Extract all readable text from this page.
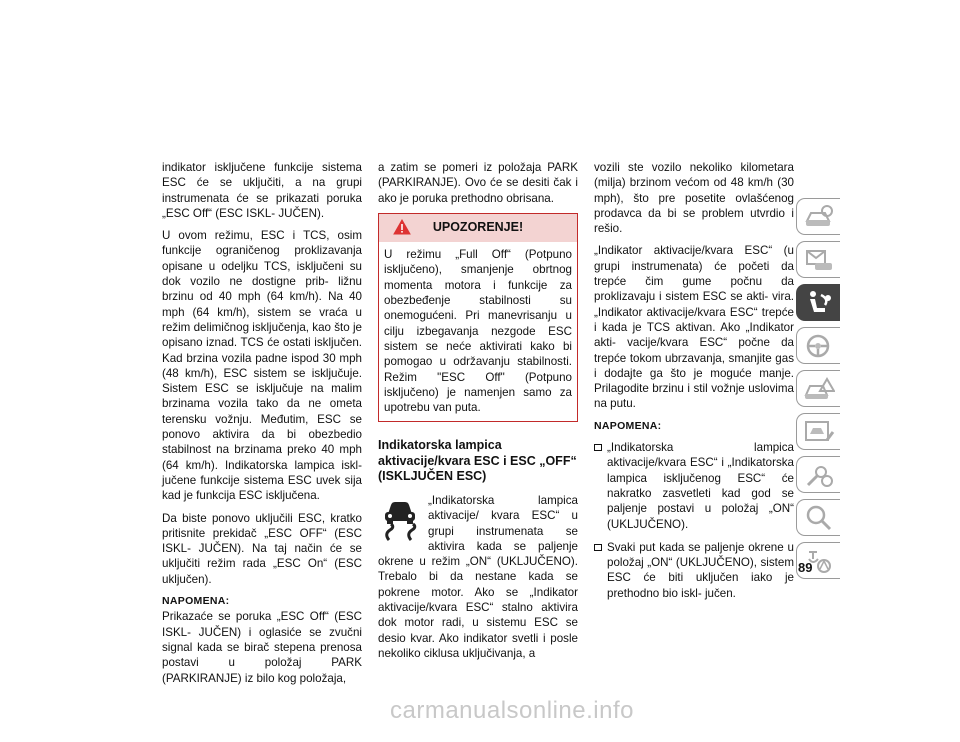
indikator isključene funkcije sistema ESC će se uključiti, a na grupi instrumenata će se prikazati poruka „ESC Off“ (ESC ISKL- JUČEN).

U ovom režimu, ESC i TCS, osim funkcije ograničenog proklizavanja opisane u odeljku TCS, isključeni su dok vozilo ne dostigne prib- ližnu brzinu od 40 mph (64 km/h). Na 40 mph (64 km/h), sistem se vraća u režim delimičnog isključenja, kao što je opisano iznad. TCS će ostati isključen. Kad brzina vozila padne ispod 30 mph (48 km/h), ESC sistem se isključuje. Sistem ESC se isključuje na malim brzinama vozila tako da ne ometa terensku vožnju. Međutim, ESC se ponovo aktivira da bi obezbedio stabilnost na brzinama preko 40 mph (64 km/h). Indikatorska lampica iskl- jučene funkcije sistema ESC uvek sija kad je funkcija ESC isključena.

Da biste ponovo uključili ESC, kratko pritisnite prekidač „ESC OFF“ (ESC ISKL- JUČEN). Na taj način će se uključiti režim rada „ESC On“ (ESC uključen).

NAPOMENA:

Prikazaće se poruka „ESC Off“ (ESC ISKL- JUČEN) i oglasiće se zvučni signal kada se birač stepena prenosa postavi u položaj PARK (PARKIRANJE) iz bilo kog položaja,

a zatim se pomeri iz položaja PARK (PARKIRANJE). Ovo će se desiti čak i ako je poruka prethodno obrisana.

UPOZORENJE!
U režimu „Full Off“ (Potpuno isključeno), smanjenje obrtnog momenta motora i funkcije za obezbeđenje stabilnosti su onemogućeni. Pri manevrisanju u cilju izbegavanja nezgode ESC sistem se neće aktivirati kako bi pomogao u održavanju stabilnosti. Režim "ESC Off" (Potpuno isključeno) je namenjen samo za upotrebu van puta.
Indikatorska lampica aktivacije/kvara ESC i ESC „OFF“ (ISKLJUČEN ESC)
„Indikatorska lampica aktivacije/ kvara ESC“ u grupi instrumenata se aktivira kada se paljenje okrene u režim „ON“ (UKLJUČENO). Trebalo bi da nestane kada se pokrene motor. Ako se „Indikator aktivacije/kvara ESC“ stalno aktivira dok motor radi, u sistemu ESC se desio kvar. Ako indikator svetli i posle nekoliko ciklusa uključivanja, a

vozili ste vozilo nekoliko kilometara (milja) brzinom većom od 48 km/h (30 mph), što pre posetite ovlašćenog prodavca da bi se problem utvrdio i rešio.

„Indikator aktivacije/kvara ESC“ (u grupi instrumenata) će početi da trepće čim gume počnu da proklizavaju i sistem ESC se akti- vira. „Indikator aktivacije/kvara ESC“ trepće i kada je TCS aktivan. Ako „Indikator akti- vacije/kvara ESC“ počne da trepće tokom ubrzavanja, smanjite gas i dodajte ga što je moguće manje. Prilagodite brzinu i stil vožnje uslovima na putu.

NAPOMENA:
„Indikatorska lampica aktivacije/kvara ESC“ i „Indikatorska lampica isključenog ESC“ će nakratko zasvetleti kad god se paljenje postavi u položaj „ON“ (UKLJUČENO).
Svaki put kada se paljenje okrene u položaj „ON“ (UKLJUČENO), sistem ESC će biti uključen iako je prethodno bio iskl- jučen.
89
carmanualsonline.info
